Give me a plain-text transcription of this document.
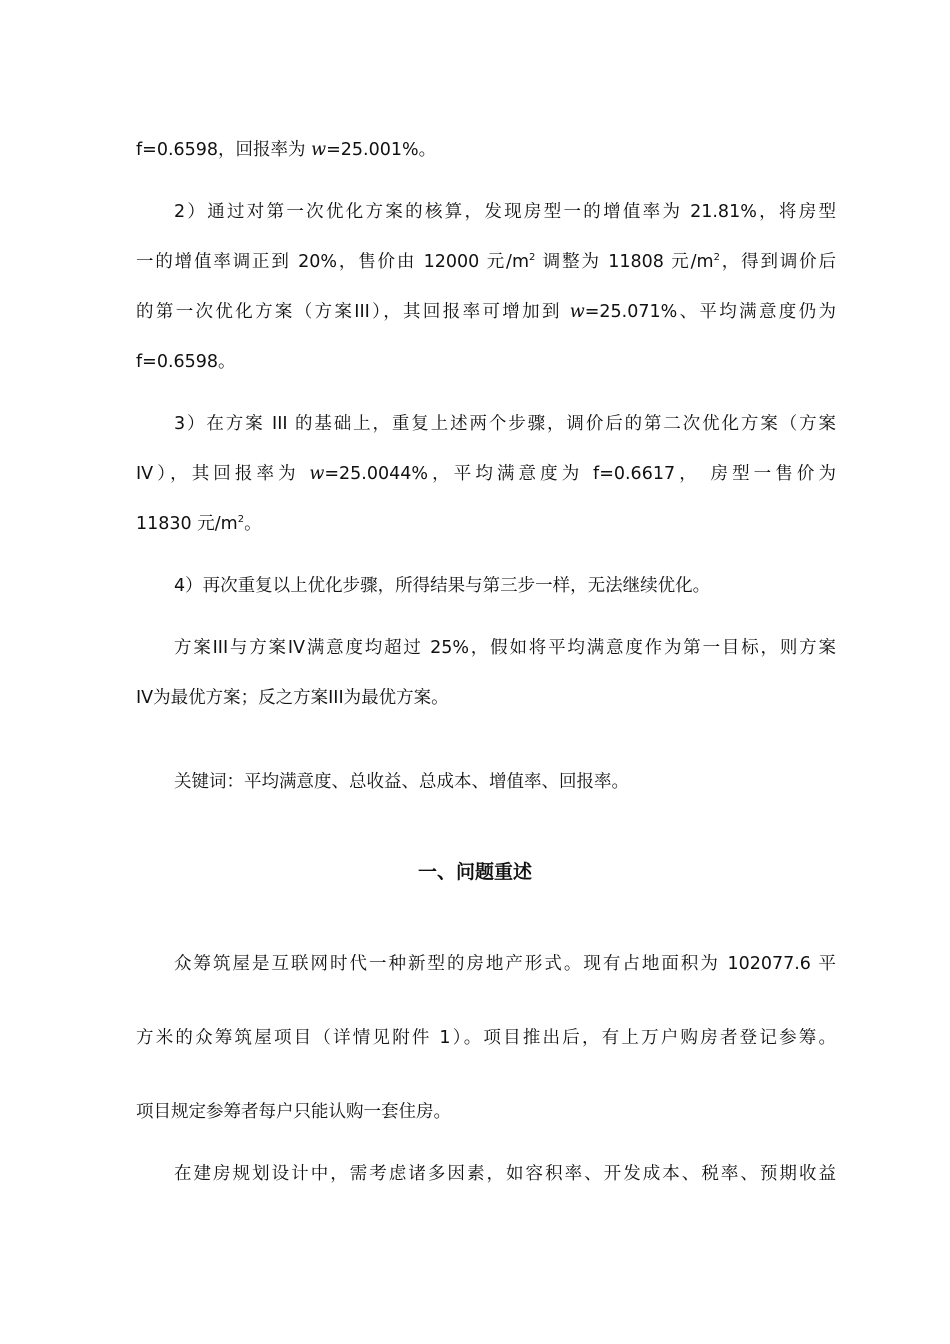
f=0.6598，回报率为 w=25.001%。
2）通过对第一次优化方案的核算，发现房型一的增值率为 21.81%，将房型
一的增值率调正到 20%，售价由 12000 元$/m^2$ 调整为 11808 元$/m^2$，得到调价后
的第一次优化方案（方案III），其回报率可增加到 w=25.071%、平均满意度仍为
f=0.6598。
3）在方案 III 的基础上，重复上述两个步骤，调价后的第二次优化方案（方案
IV），其回报率为 w=25.0044%，平均满意度为 f=0.6617， 房型一售价为
11830 元$/m^2$。
4）再次重复以上优化步骤，所得结果与第三步一样，无法继续优化。
方案III与方案IV满意度均超过 25%，假如将平均满意度作为第一目标，则方案
IV为最优方案；反之方案III为最优方案。
关键词：平均满意度、总收益、总成本、增值率、回报率。
一、问题重述
众筹筑屋是互联网时代一种新型的房地产形式。现有占地面积为 102077.6 平
方米的众筹筑屋项目（详情见附件 1）。项目推出后，有上万户购房者登记参筹。
项目规定参筹者每户只能认购一套住房。
在建房规划设计中，需考虑诸多因素，如容积率、开发成本、税率、预期收益
